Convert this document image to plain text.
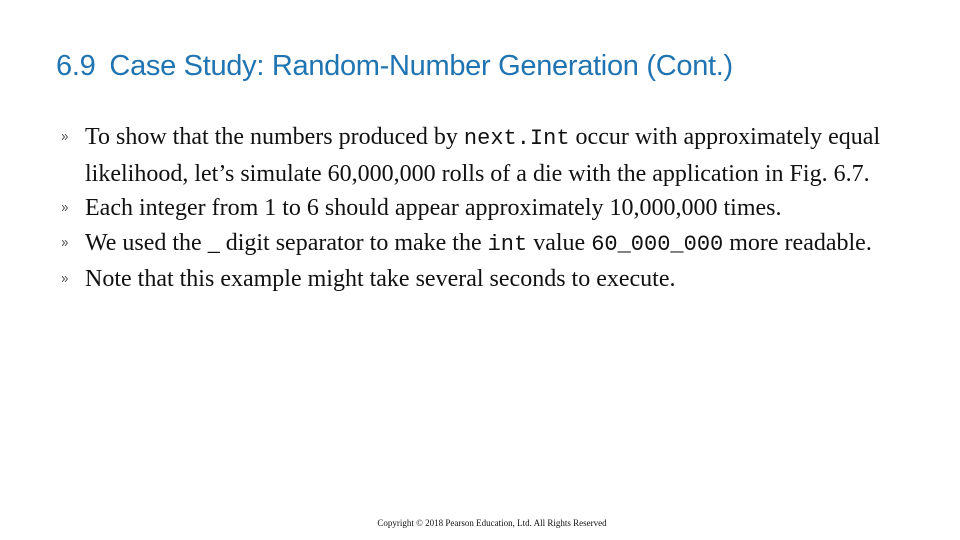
6.9 Case Study: Random-Number Generation (Cont.)
To show that the numbers produced by next.Int occur with approximately equal likelihood, let’s simulate 60,000,000 rolls of a die with the application in Fig. 6.7.
Each integer from 1 to 6 should appear approximately 10,000,000 times.
We used the _ digit separator to make the int value 60_000_000 more readable.
Note that this example might take several seconds to execute.
Copyright © 2018 Pearson Education, Ltd. All Rights Reserved
